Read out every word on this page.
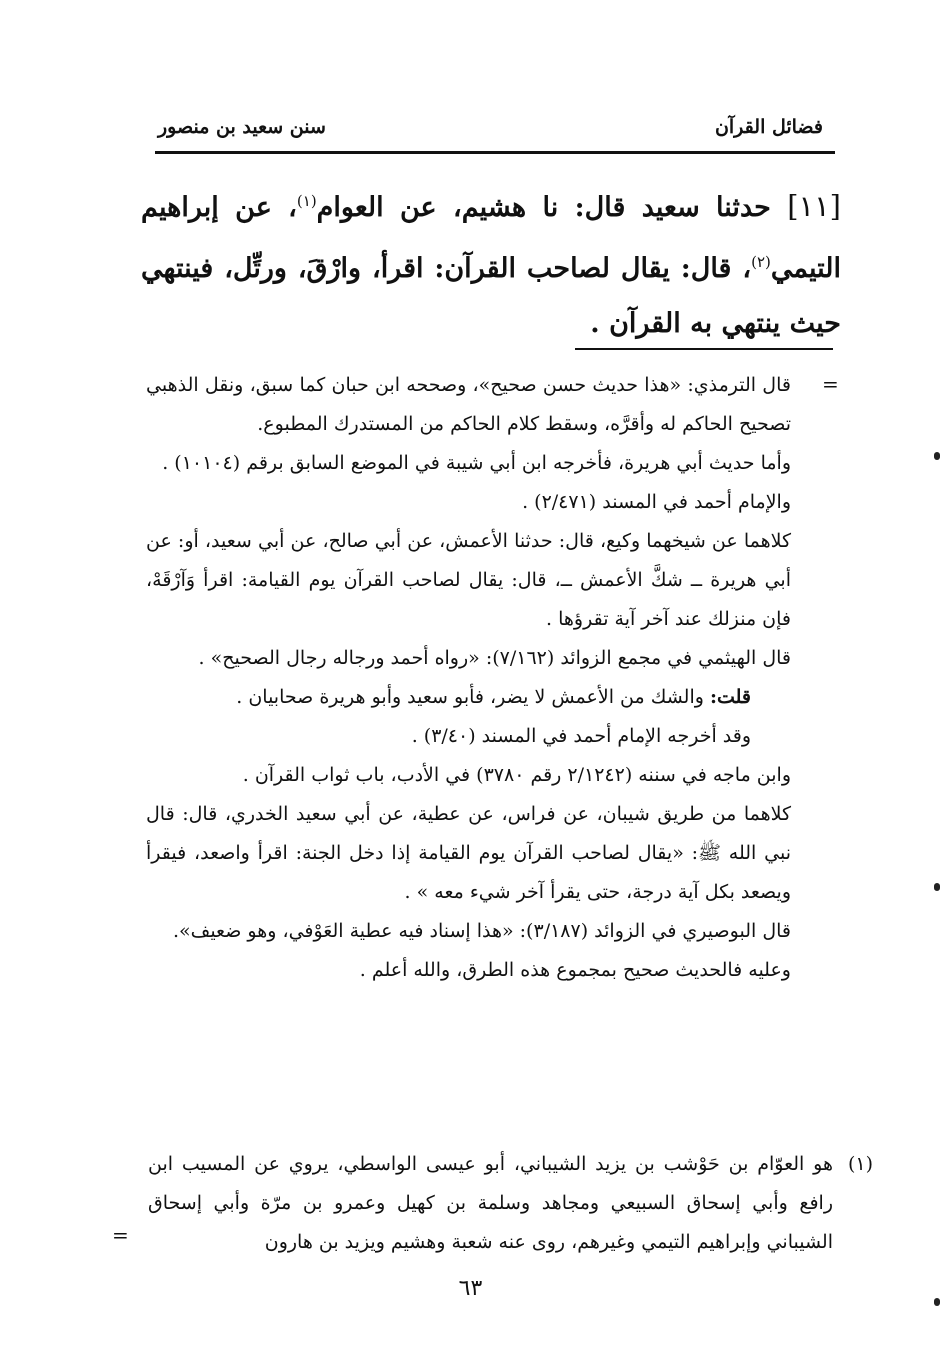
فضائل القرآن
سنن سعيد بن منصور
[١١] حدثنا سعيد قال: نا هشيم، عن العوام$^{(١)}$، عن إبراهيم التيمي$^{(٢)}$، قال: يقال لصاحب القرآن: اقرأ، وارْقَ، ورتِّل، فينتهي حيث ينتهي به القرآن .
=

قال الترمذي: «هذا حديث حسن صحيح»، وصححه ابن حبان كما سبق، ونقل الذهبي تصحيح الحاكم له وأقرَّه، وسقط كلام الحاكم من المستدرك المطبوع.

وأما حديث أبي هريرة، فأخرجه ابن أبي شيبة في الموضع السابق برقم (١٠١٠٤) .

والإمام أحمد في المسند (٢/٤٧١) .

كلاهما عن شيخهما وكيع، قال: حدثنا الأعمش، عن أبي صالح، عن أبي سعيد، أو: عن أبي هريرة ــ شكَّ الأعمش ــ، قال: يقال لصاحب القرآن يوم القيامة: اقرأ وَآرْقَهْ، فإن منزلك عند آخر آية تقرؤها .

قال الهيثمي في مجمع الزوائد (٧/١٦٢): «رواه أحمد ورجاله رجال الصحيح» .

قلت: والشك من الأعمش لا يضر، فأبو سعيد وأبو هريرة صحابيان .

وقد أخرجه الإمام أحمد في المسند (٣/٤٠) .

وابن ماجه في سننه (٢/١٢٤٢ رقم ٣٧٨٠) في الأدب، باب ثواب القرآن .

كلاهما من طريق شيبان، عن فراس، عن عطية، عن أبي سعيد الخدري، قال: قال نبي الله ﷺ: «يقال لصاحب القرآن يوم القيامة إذا دخل الجنة: اقرأ واصعد، فيقرأ ويصعد بكل آية درجة، حتى يقرأ آخر شيء معه » .

قال البوصيري في الزوائد (٣/١٨٧): «هذا إسناد فيه عطية العَوْفي، وهو ضعيف».

وعليه فالحديث صحيح بمجموع هذه الطرق، والله أعلم .

(١)

هو العوّام بن حَوْشب بن يزيد الشيباني، أبو عيسى الواسطي، يروي عن المسيب ابن رافع وأبي إسحاق السبيعي ومجاهد وسلمة بن كهيل وعمرو بن مرّة وأبي إسحاق الشيباني وإبراهيم التيمي وغيرهم، روى عنه شعبة وهشيم ويزيد بن هارون

=
٦٣
